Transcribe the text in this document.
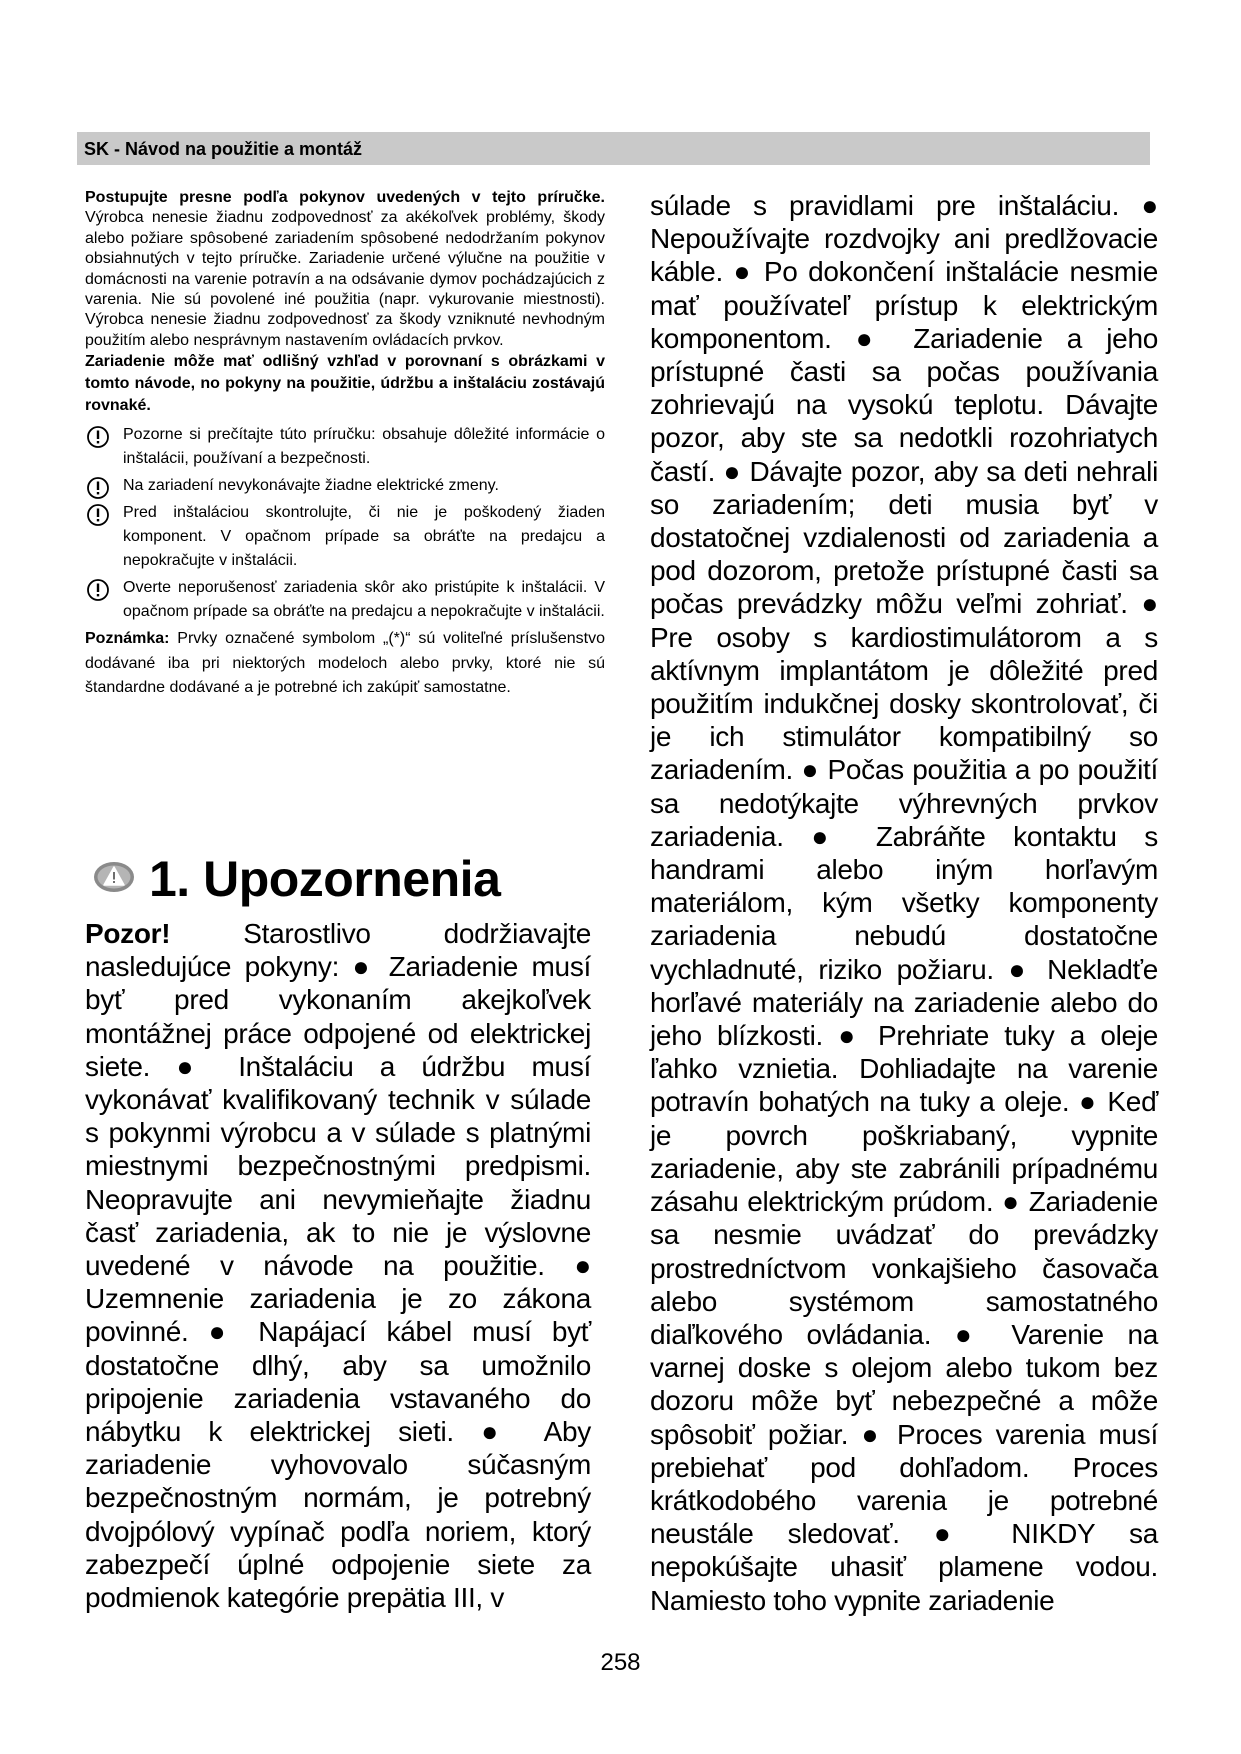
SK - Návod na použitie a montáž

Postupujte presne podľa pokynov uvedených v tejto príručke. Výrobca nenesie žiadnu zodpovednosť za akékoľvek problémy, škody alebo požiare spôsobené zariadením spôsobené nedodržaním pokynov obsiahnutých v tejto príručke. Zariadenie určené výlučne na použitie v domácnosti na varenie potravín a na odsávanie dymov pochádzajúcich z varenia. Nie sú povolené iné použitia (napr. vykurovanie miestnosti). Výrobca nenesie žiadnu zodpovednosť za škody vzniknuté nevhodným použitím alebo nesprávnym nastavením ovládacích prvkov.

Zariadenie môže mať odlišný vzhľad v porovnaní s obrázkami v tomto návode, no pokyny na použitie, údržbu a inštaláciu zostávajú rovnaké.

Pozorne si prečítajte túto príručku: obsahuje dôležité informácie o inštalácii, používaní a bezpečnosti.
Na zariadení nevykonávajte žiadne elektrické zmeny.
Pred inštaláciou skontrolujte, či nie je poškodený žiaden komponent. V opačnom prípade sa obráťte na predajcu a nepokračujte v inštalácii.
Overte neporušenosť zariadenia skôr ako pristúpite k inštalácii. V opačnom prípade sa obráťte na predajcu a nepokračujte v inštalácii.

Poznámka: Prvky označené symbolom „(*)“ sú voliteľné príslušenstvo dodávané iba pri niektorých modeloch alebo prvky, ktoré nie sú štandardne dodávané a je potrebné ich zakúpiť samostatne.

1. Upozornenia

Pozor! Starostlivo dodržiavajte nasledujúce pokyny: ● Zariadenie musí byť pred vykonaním akejkoľvek montážnej práce odpojené od elektrickej siete. ● Inštaláciu a údržbu musí vykonávať kvalifikovaný technik v súlade s pokynmi výrobcu a v súlade s platnými miestnymi bezpečnostnými predpismi. Neopravujte ani nevymieňajte žiadnu časť zariadenia, ak to nie je výslovne uvedené v návode na použitie. ● Uzemnenie zariadenia je zo zákona povinné. ● Napájací kábel musí byť dostatočne dlhý, aby sa umožnilo pripojenie zariadenia vstavaného do nábytku k elektrickej sieti. ● Aby zariadenie vyhovovalo súčasným bezpečnostným normám, je potrebný dvojpólový vypínač podľa noriem, ktorý zabezpečí úplné odpojenie siete za podmienok kategórie prepätia III, v

súlade s pravidlami pre inštaláciu. ● Nepoužívajte rozdvojky ani predlžovacie káble. ● Po dokončení inštalácie nesmie mať používateľ prístup k elektrickým komponentom. ● Zariadenie a jeho prístupné časti sa počas používania zohrievajú na vysokú teplotu. Dávajte pozor, aby ste sa nedotkli rozohriatych častí. ● Dávajte pozor, aby sa deti nehrali so zariadením; deti musia byť v dostatočnej vzdialenosti od zariadenia a pod dozorom, pretože prístupné časti sa počas prevádzky môžu veľmi zohriať. ● Pre osoby s kardiostimulátorom a s aktívnym implantátom je dôležité pred použitím indukčnej dosky skontrolovať, či je ich stimulátor kompatibilný so zariadením. ● Počas použitia a po použití sa nedotýkajte výhrevných prvkov zariadenia. ● Zabráňte kontaktu s handrami alebo iným horľavým materiálom, kým všetky komponenty zariadenia nebudú dostatočne vychladnuté, riziko požiaru. ● Nekladťe horľavé materiály na zariadenie alebo do jeho blízkosti. ● Prehriate tuky a oleje ľahko vznietia. Dohliadajte na varenie potravín bohatých na tuky a oleje. ● Keď je povrch poškriabaný, vypnite zariadenie, aby ste zabránili prípadnému zásahu elektrickým prúdom. ● Zariadenie sa nesmie uvádzať do prevádzky prostredníctvom vonkajšieho časovača alebo systémom samostatného diaľkového ovládania. ● Varenie na varnej doske s olejom alebo tukom bez dozoru môže byť nebezpečné a môže spôsobiť požiar. ● Proces varenia musí prebiehať pod dohľadom. Proces krátkodobého varenia je potrebné neustále sledovať. ● NIKDY sa nepokúšajte uhasiť plamene vodou. Namiesto toho vypnite zariadenie

258
